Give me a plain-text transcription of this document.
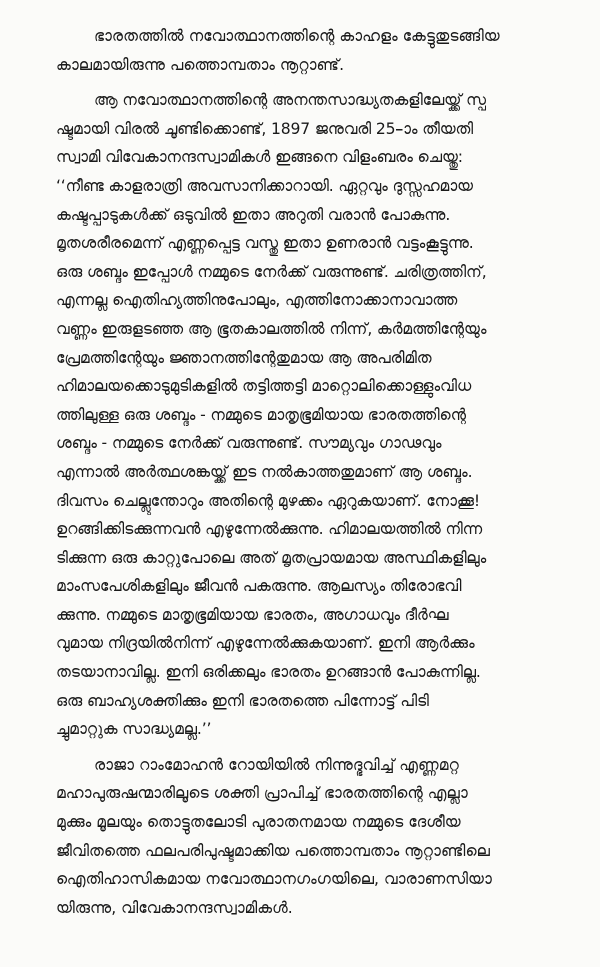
ഭാരതത്തിൽ നവോത്ഥാനത്തിന്റെ കാഹളം കേട്ടുതുടങ്ങിയ
കാലമായിരുന്നു പത്തൊമ്പതാം നൂറ്റാണ്ട്.
ആ നവോത്ഥാനത്തിന്റെ അനന്തസാദ്ധ്യതകളിലേയ്ക്ക് സ്പ
ഷ്ടമായി വിരൽ ചൂണ്ടിക്കൊണ്ട്, 1897 ജനുവരി 25–ാം തീയതി
സ്വാമി വിവേകാനന്ദസ്വാമികൾ ഇങ്ങനെ വിളംബരം ചെയ്തു:
‘‘നീണ്ട കാളരാത്രി അവസാനിക്കാറായി. ഏറ്റവും ദുസ്സഹമായ
കഷ്ടപ്പാടുകൾക്ക് ഒടുവിൽ ഇതാ അറുതി വരാൻ പോകുന്നു.
മൃതശരീരമെന്ന് എണ്ണപ്പെട്ട വസ്തു ഇതാ ഉണരാൻ വട്ടംകൂട്ടുന്നു.
ഒരു ശബ്ദം ഇപ്പോൾ നമ്മുടെ നേർക്ക് വരുന്നുണ്ട്. ചരിത്രത്തിന്,
എന്നല്ല ഐതിഹ്യത്തിനുപോലും, എത്തിനോക്കാനാവാത്ത
വണ്ണം ഇരുളടഞ്ഞ ആ ഭൂതകാലത്തിൽ നിന്ന്, കർമത്തിന്റേയും
പ്രേമത്തിന്റേയും ജ്ഞാനത്തിന്റേതുമായ ആ അപരിമിത
ഹിമാലയക്കൊടുമുടികളിൽ തട്ടിത്തട്ടി മാറ്റൊലിക്കൊള്ളുംവിധ
ത്തിലുള്ള ഒരു ശബ്ദം - നമ്മുടെ മാതൃഭൂമിയായ ഭാരതത്തിന്റെ
ശബ്ദം - നമ്മുടെ നേർക്ക് വരുന്നുണ്ട്. സൗമ്യവും ഗാഢവും
എന്നാൽ അർത്ഥശങ്കയ്ക്ക് ഇട നൽകാത്തതുമാണ് ആ ശബ്ദം.
ദിവസം ചെല്ലുന്തോറും അതിന്റെ മുഴക്കം ഏറുകയാണ്. നോക്കൂ!
ഉറങ്ങിക്കിടക്കുന്നവൻ എഴുന്നേൽക്കുന്നു. ഹിമാലയത്തിൽ നിന്ന
ടിക്കുന്ന ഒരു കാറ്റുപോലെ അത് മൃതപ്രായമായ അസ്ഥികളിലും
മാംസപേശികളിലും ജീവൻ പകരുന്നു. ആലസ്യം തിരോഭവി
ക്കുന്നു. നമ്മുടെ മാതൃഭൂമിയായ ഭാരതം, അഗാധവും ദീർഘ
വുമായ നിദ്രയിൽനിന്ന് എഴുന്നേൽക്കുകയാണ്. ഇനി ആർക്കും
തടയാനാവില്ല. ഇനി ഒരിക്കലും ഭാരതം ഉറങ്ങാൻ പോകുന്നില്ല.
ഒരു ബാഹ്യശക്തിക്കും ഇനി ഭാരതത്തെ പിന്നോട്ട് പിടി
ച്ചുമാറ്റുക സാദ്ധ്യമല്ല.’’
രാജാ റാംമോഹൻ റോയിയിൽ നിന്നുദ്ഭവിച്ച് എണ്ണമറ്റ
മഹാപുരുഷന്മാരിലൂടെ ശക്തി പ്രാപിച്ച് ഭാരതത്തിന്റെ എല്ലാ
മുക്കും മൂലയും തൊട്ടുതലോടി പുരാതനമായ നമ്മുടെ ദേശീയ
ജീവിതത്തെ ഫലപരിപുഷ്ടമാക്കിയ പത്തൊമ്പതാം നൂറ്റാണ്ടിലെ
ഐതിഹാസികമായ നവോത്ഥാനഗംഗയിലെ, വാരാണസിയാ
യിരുന്നു, വിവേകാനന്ദസ്വാമികൾ.
